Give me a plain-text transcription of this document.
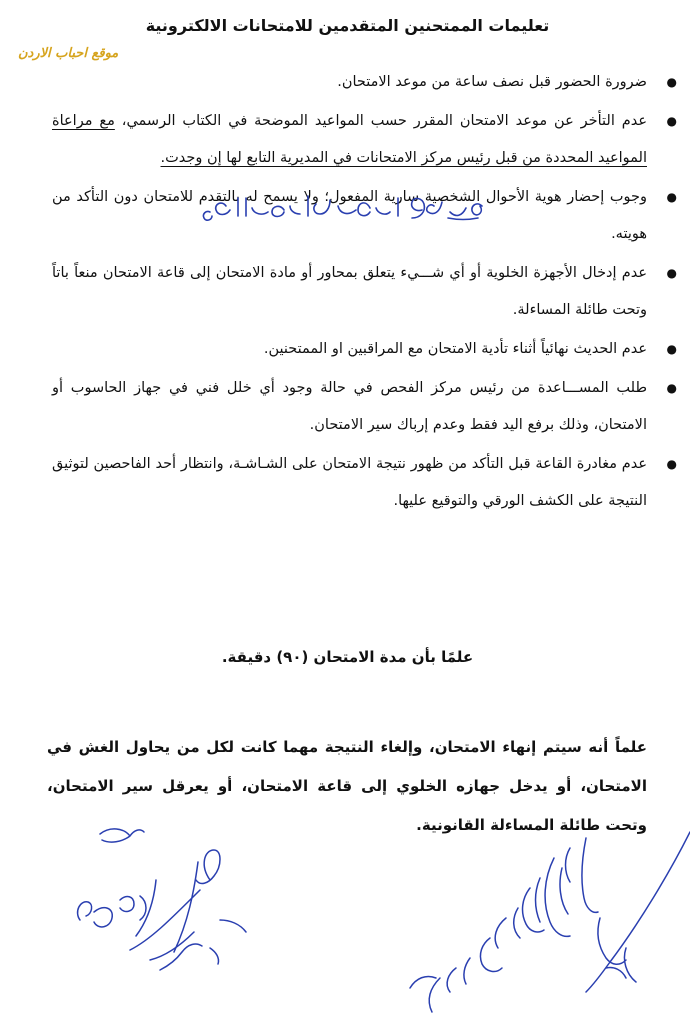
تعليمات الممتحنين المتقدمين للامتحانات الالكترونية
موقع احباب الاردن
●
ضرورة الحضور قبل نصف ساعة من موعد الامتحان.
●
عدم التأخر عن موعد الامتحان المقرر حسب المواعيد الموضحة في الكتاب الرسمي، مع مراعاة المواعيد المحددة من قبل رئيس مركز الامتحانات في المديرية التابع لها إن وجدت.
●
وجوب إحضار هوية الأحوال الشخصية سارية المفعول؛ ولا يسمح له بالتقدم للامتحان دون التأكد من هويته.
●
عدم إدخال الأجهزة الخلوية أو أي شـــيء يتعلق بمحاور أو مادة الامتحان إلى قاعة الامتحان منعاً باتاً وتحت طائلة المساءلة.
●
عدم الحديث نهائياً أثناء تأدية الامتحان مع المراقبين او الممتحنين.
●
طلب المســـاعدة من رئيس مركز الفحص في حالة وجود أي خلل فني في جهاز الحاسوب أو الامتحان، وذلك برفع اليد فقط وعدم إرباك سير الامتحان.
●
عدم مغادرة القاعة قبل التأكد من ظهور نتيجة الامتحان على الشـاشـة، وانتظار أحد الفاحصين لتوثيق النتيجة على الكشف الورقي والتوقيع عليها.
علمًا بأن مدة الامتحان (٩٠) دقيقة.
علماً أنه سيتم إنهاء الامتحان، وإلغاء النتيجة مهما كانت لكل من يحاول الغش في الامتحان، أو يدخل جهازه الخلوي إلى قاعة الامتحان، أو يعرقل سير الامتحان، وتحت طائلة المساءلة القانونية.
